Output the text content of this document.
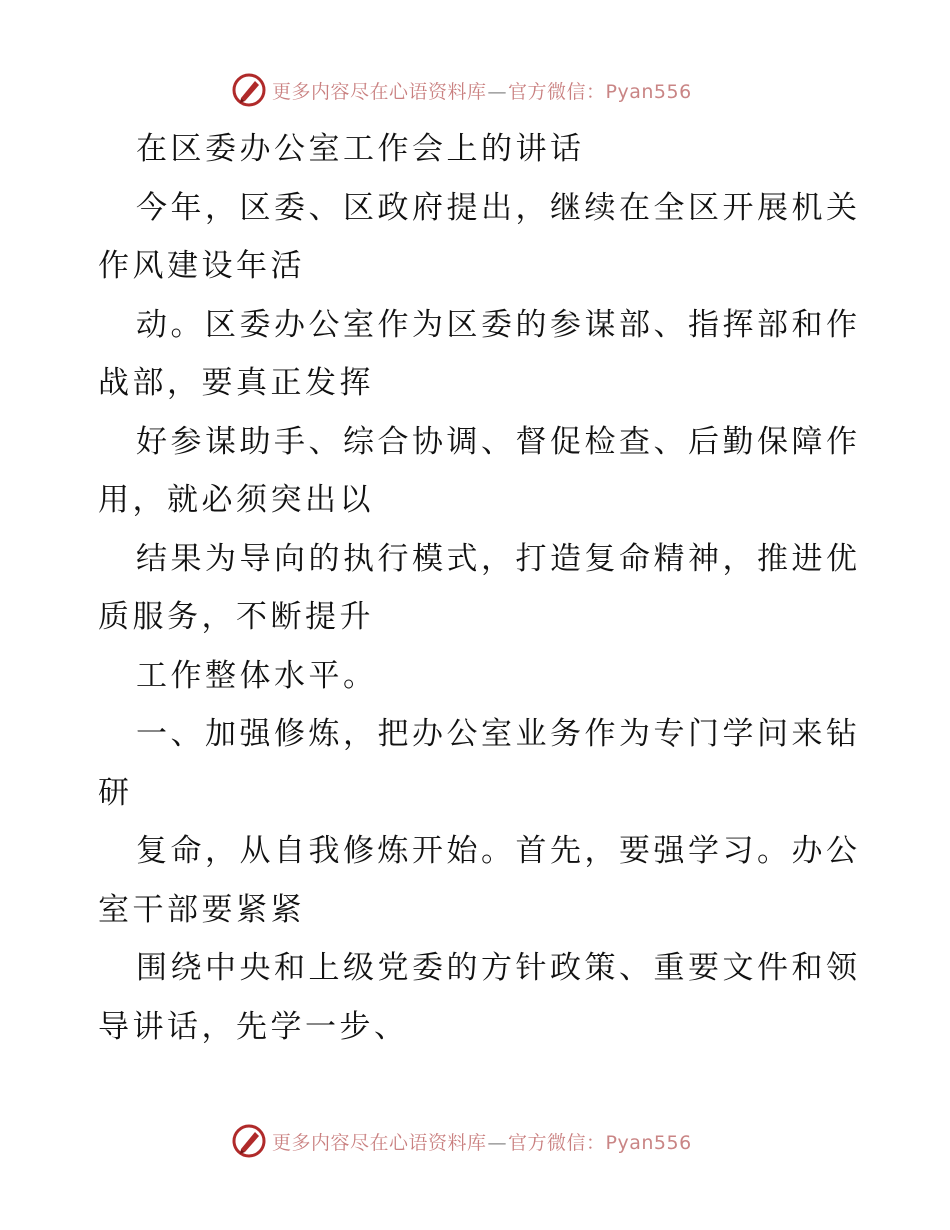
更多内容尽在心语资料库—官方微信：Pyan556
在区委办公室工作会上的讲话
今年，区委、区政府提出，继续在全区开展机关
作风建设年活
动。区委办公室作为区委的参谋部、指挥部和作
战部，要真正发挥
好参谋助手、综合协调、督促检查、后勤保障作
用，就必须突出以
结果为导向的执行模式，打造复命精神，推进优
质服务，不断提升
工作整体水平。
一、加强修炼，把办公室业务作为专门学问来钻
研
复命，从自我修炼开始。首先，要强学习。办公
室干部要紧紧
围绕中央和上级党委的方针政策、重要文件和领
导讲话，先学一步、
更多内容尽在心语资料库—官方微信：Pyan556
